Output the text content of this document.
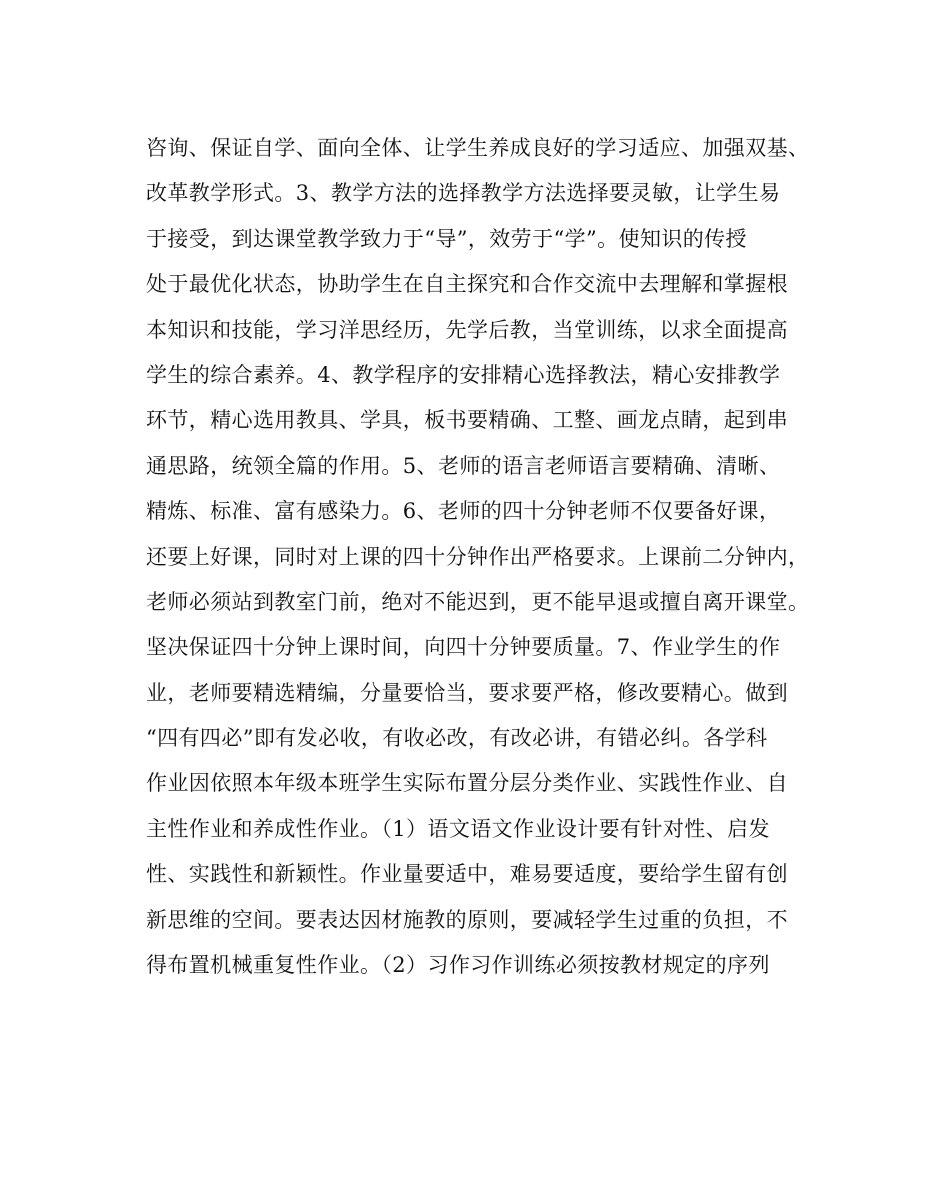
咨询、保证自学、面向全体、让学生养成良好的学习适应、加强双基、
改革教学形式。3、教学方法的选择教学方法选择要灵敏，让学生易
于接受，到达课堂教学致力于“导”，效劳于“学”。使知识的传授
处于最优化状态，协助学生在自主探究和合作交流中去理解和掌握根
本知识和技能，学习洋思经历，先学后教，当堂训练，以求全面提高
学生的综合素养。4、教学程序的安排精心选择教法，精心安排教学
环节，精心选用教具、学具，板书要精确、工整、画龙点睛，起到串
通思路，统领全篇的作用。5、老师的语言老师语言要精确、清晰、
精炼、标准、富有感染力。6、老师的四十分钟老师不仅要备好课，
还要上好课，同时对上课的四十分钟作出严格要求。上课前二分钟内，
老师必须站到教室门前，绝对不能迟到，更不能早退或擅自离开课堂。
坚决保证四十分钟上课时间，向四十分钟要质量。7、作业学生的作
业，老师要精选精编，分量要恰当，要求要严格，修改要精心。做到
“四有四必”即有发必收，有收必改，有改必讲，有错必纠。各学科
作业因依照本年级本班学生实际布置分层分类作业、实践性作业、自
主性作业和养成性作业。（1）语文语文作业设计要有针对性、启发
性、实践性和新颖性。作业量要适中，难易要适度，要给学生留有创
新思维的空间。要表达因材施教的原则，要减轻学生过重的负担，不
得布置机械重复性作业。（2）习作习作训练必须按教材规定的序列
